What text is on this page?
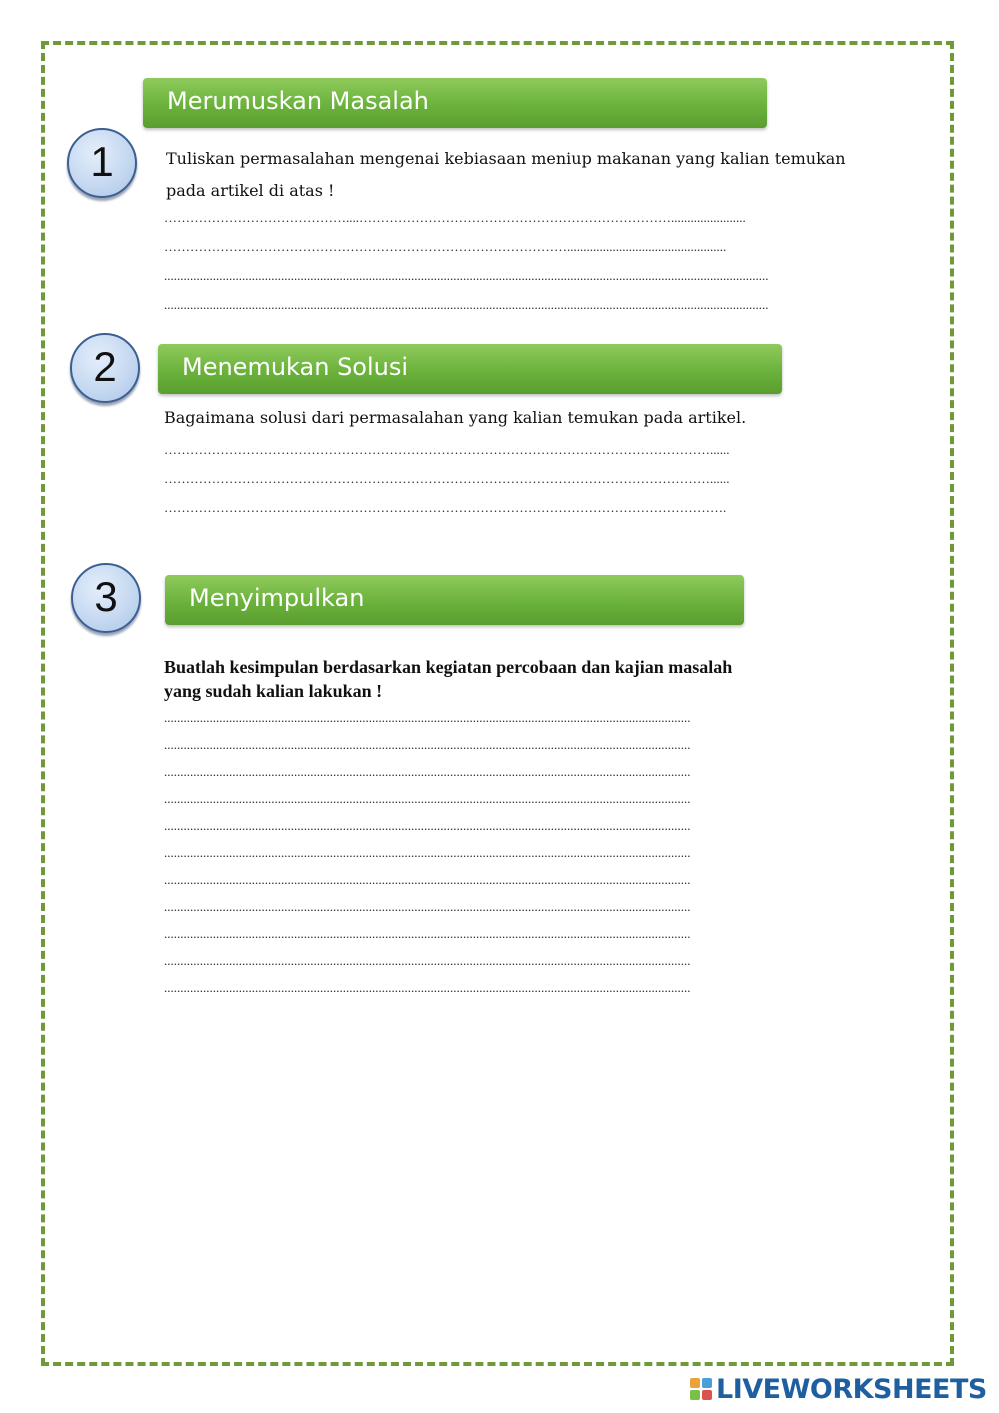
Merumuskan Masalah
1	Tuliskan permasalahan mengenai kebiasaan meniup makanan yang kalian temukan
pada artikel di atas !

……………………………………....……………………………………………………………….......................
………………………………………………………………………………….................................................
..........................................................................................................................................................................................
..........................................................................................................................................................................................
2	Menemukan Solusi

Bagaimana solusi dari permasalahan yang kalian temukan pada artikel.

………………………………………………………………………………………………………………......
………………………………………………………………………………………………………………......
………………………………………………………………………………………………………………….
3	Menyimpulkan

Buatlah kesimpulan berdasarkan kegiatan percobaan dan kajian masalah
yang sudah kalian lakukan !

..................................................................................................................................................................
..................................................................................................................................................................
..................................................................................................................................................................
..................................................................................................................................................................
..................................................................................................................................................................
..................................................................................................................................................................
..................................................................................................................................................................
..................................................................................................................................................................
..................................................................................................................................................................
..................................................................................................................................................................
..................................................................................................................................................................
LIVEWORKSHEETS
